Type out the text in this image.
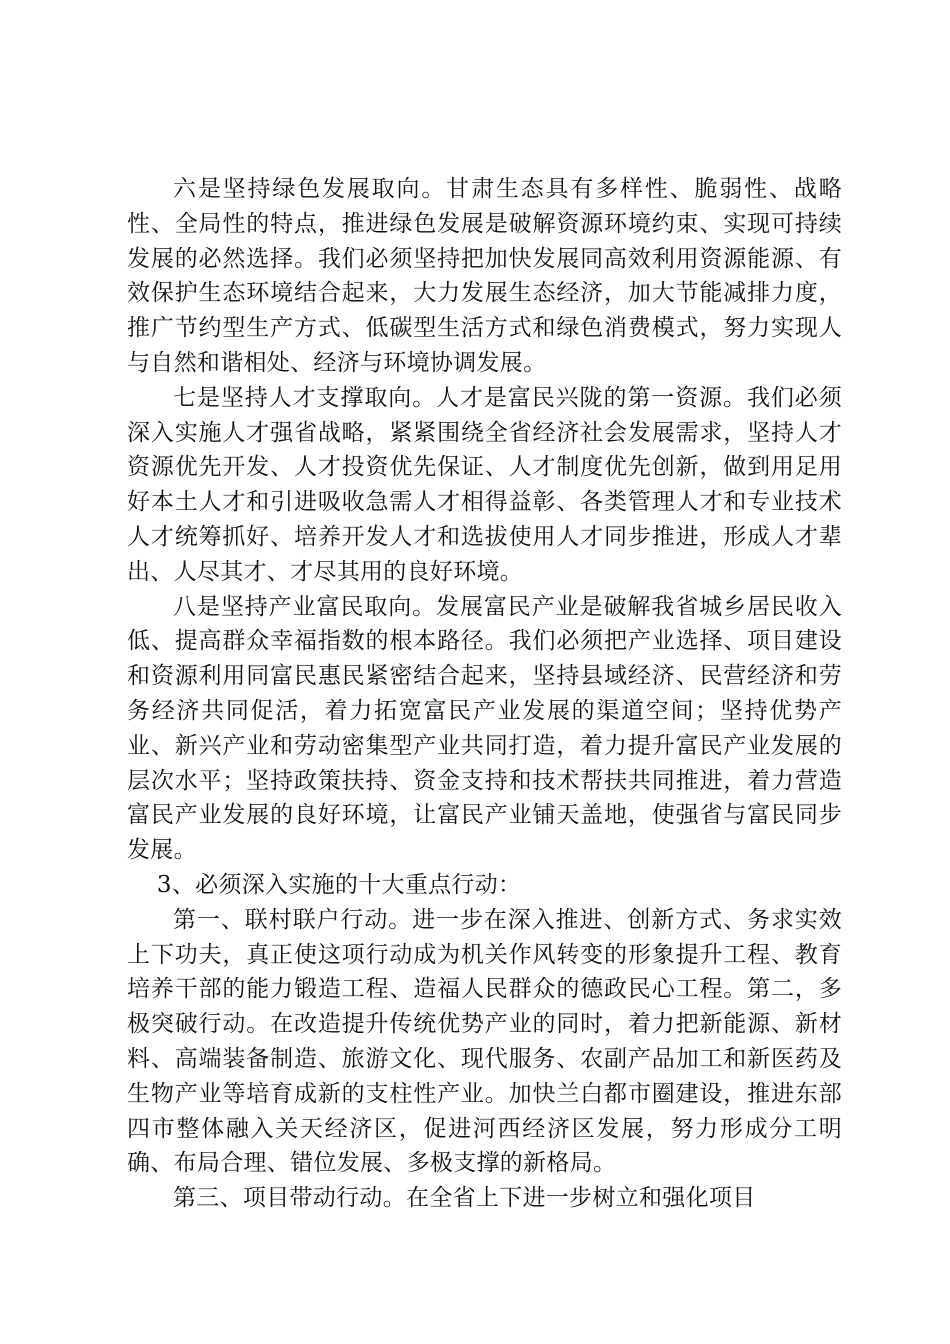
六是坚持绿色发展取向。甘肃生态具有多样性、脆弱性、战略性、全局性的特点，推进绿色发展是破解资源环境约束、实现可持续发展的必然选择。我们必须坚持把加快发展同高效利用资源能源、有效保护生态环境结合起来，大力发展生态经济，加大节能减排力度，推广节约型生产方式、低碳型生活方式和绿色消费模式，努力实现人与自然和谐相处、经济与环境协调发展。

七是坚持人才支撑取向。人才是富民兴陇的第一资源。我们必须深入实施人才强省战略，紧紧围绕全省经济社会发展需求，坚持人才资源优先开发、人才投资优先保证、人才制度优先创新，做到用足用好本土人才和引进吸收急需人才相得益彰、各类管理人才和专业技术人才统筹抓好、培养开发人才和选拔使用人才同步推进，形成人才辈出、人尽其才、才尽其用的良好环境。

八是坚持产业富民取向。发展富民产业是破解我省城乡居民收入低、提高群众幸福指数的根本路径。我们必须把产业选择、项目建设和资源利用同富民惠民紧密结合起来，坚持县域经济、民营经济和劳务经济共同促活，着力拓宽富民产业发展的渠道空间；坚持优势产业、新兴产业和劳动密集型产业共同打造，着力提升富民产业发展的层次水平；坚持政策扶持、资金支持和技术帮扶共同推进，着力营造富民产业发展的良好环境，让富民产业铺天盖地，使强省与富民同步发展。

3、必须深入实施的十大重点行动：

第一、联村联户行动。进一步在深入推进、创新方式、务求实效上下功夫，真正使这项行动成为机关作风转变的形象提升工程、教育培养干部的能力锻造工程、造福人民群众的德政民心工程。第二，多极突破行动。在改造提升传统优势产业的同时，着力把新能源、新材料、高端装备制造、旅游文化、现代服务、农副产品加工和新医药及生物产业等培育成新的支柱性产业。加快兰白都市圈建设，推进东部四市整体融入关天经济区，促进河西经济区发展，努力形成分工明确、布局合理、错位发展、多极支撑的新格局。

第三、项目带动行动。在全省上下进一步树立和强化项目
